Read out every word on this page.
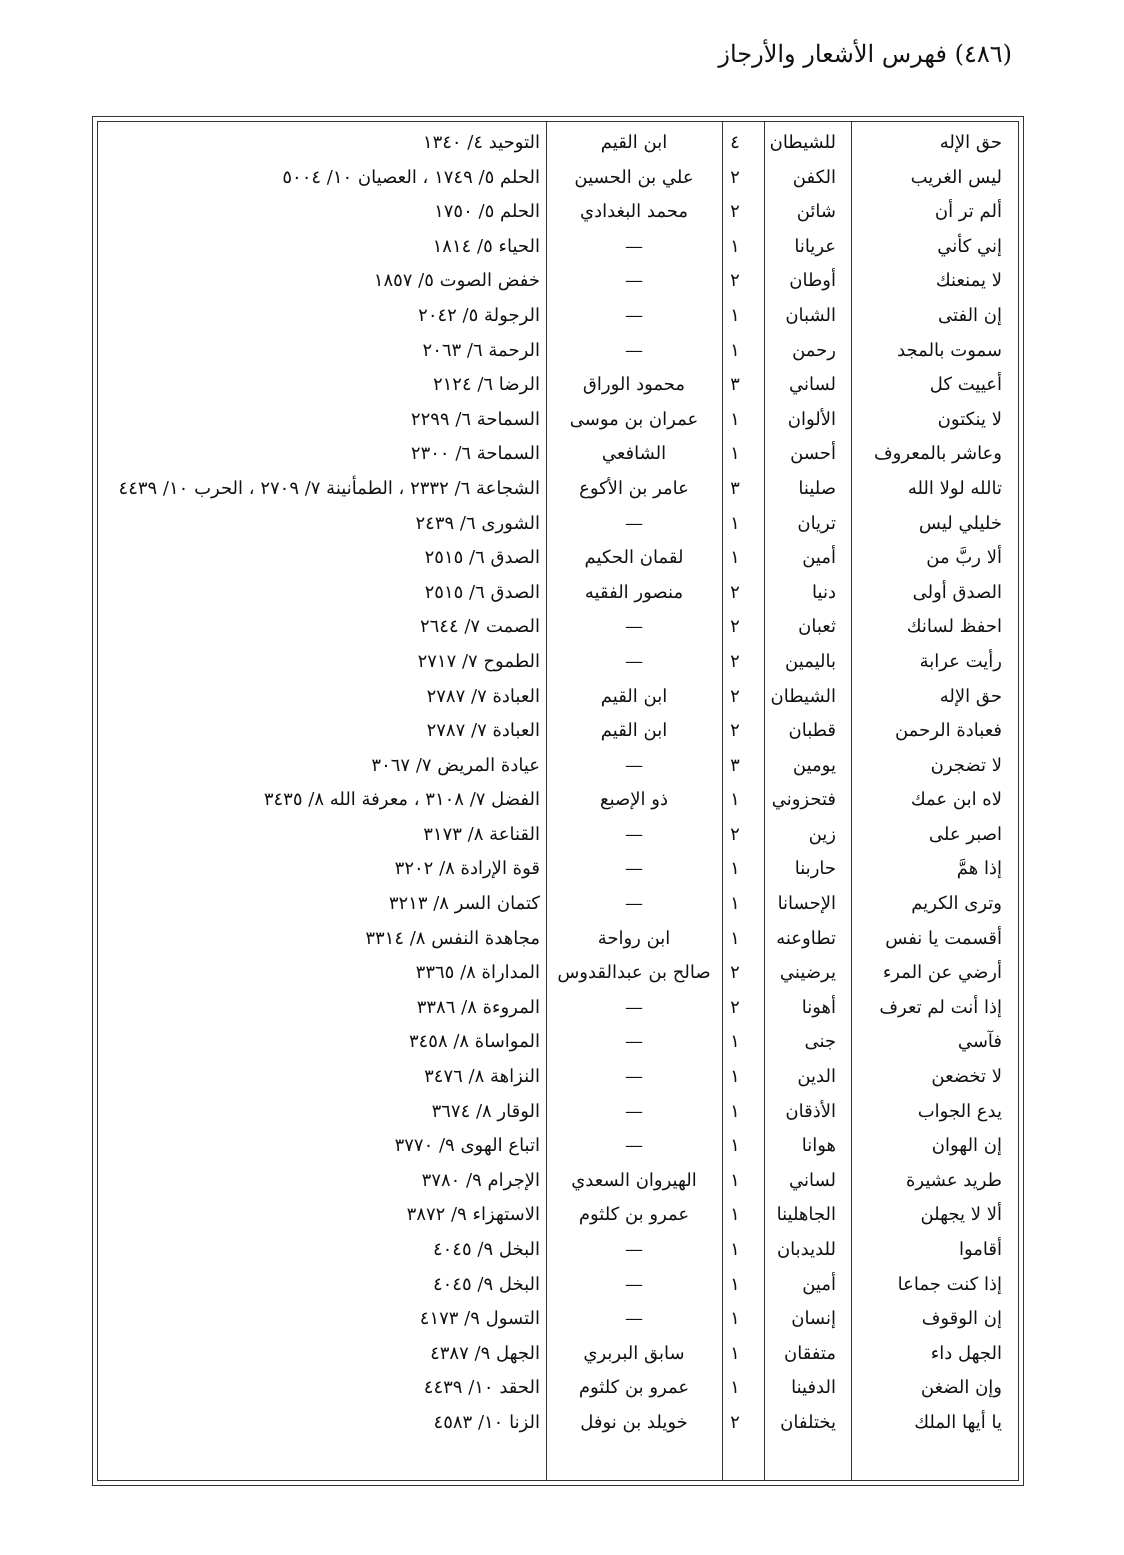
(٤٨٦) فهرس الأشعار والأرجاز
حق الإله
للشيطان
٤
ابن القيم
التوحيد ٤/ ١٣٤٠
ليس الغريب
الكفن
٢
علي بن الحسين
الحلم ٥/ ١٧٤٩ ، العصيان ١٠/ ٥٠٠٤
ألم تر أن
شائن
٢
محمد البغدادي
الحلم ٥/ ١٧٥٠
إني كأني
عريانا
١
—
الحياء ٥/ ١٨١٤
لا يمنعنك
أوطان
٢
—
خفض الصوت ٥/ ١٨٥٧
إن الفتى
الشبان
١
—
الرجولة ٥/ ٢٠٤٢
سموت بالمجد
رحمن
١
—
الرحمة ٦/ ٢٠٦٣
أعييت كل
لساني
٣
محمود الوراق
الرضا ٦/ ٢١٢٤
لا ينكتون
الألوان
١
عمران بن موسى
السماحة ٦/ ٢٢٩٩
وعاشر بالمعروف
أحسن
١
الشافعي
السماحة ٦/ ٢٣٠٠
تالله لولا الله
صلينا
٣
عامر بن الأكوع
الشجاعة ٦/ ٢٣٣٢ ، الطمأنينة ٧/ ٢٧٠٩ ، الحرب ١٠/ ٤٤٣٩
خليلي ليس
تريان
١
—
الشورى ٦/ ٢٤٣٩
ألا ربَّ من
أمين
١
لقمان الحكيم
الصدق ٦/ ٢٥١٥
الصدق أولى
دنيا
٢
منصور الفقيه
الصدق ٦/ ٢٥١٥
احفظ لسانك
ثعبان
٢
—
الصمت ٧/ ٢٦٤٤
رأيت عرابة
باليمين
٢
—
الطموح ٧/ ٢٧١٧
حق الإله
الشيطان
٢
ابن القيم
العبادة ٧/ ٢٧٨٧
فعبادة الرحمن
قطبان
٢
ابن القيم
العبادة ٧/ ٢٧٨٧
لا تضجرن
يومين
٣
—
عيادة المريض ٧/ ٣٠٦٧
لاه ابن عمك
فتحزوني
١
ذو الإصبع
الفضل ٧/ ٣١٠٨ ، معرفة الله ٨/ ٣٤٣٥
اصبر على
زين
٢
—
القناعة ٨/ ٣١٧٣
إذا همَّ
حاربنا
١
—
قوة الإرادة ٨/ ٣٢٠٢
وترى الكريم
الإحسانا
١
—
كتمان السر ٨/ ٣٢١٣
أقسمت يا نفس
تطاوعنه
١
ابن رواحة
مجاهدة النفس ٨/ ٣٣١٤
أرضي عن المرء
يرضيني
٢
صالح بن عبدالقدوس
المداراة ٨/ ٣٣٦٥
إذا أنت لم تعرف
أهونا
٢
—
المروءة ٨/ ٣٣٨٦
فآسي
جنى
١
—
المواساة ٨/ ٣٤٥٨
لا تخضعن
الدين
١
—
النزاهة ٨/ ٣٤٧٦
يدع الجواب
الأذقان
١
—
الوقار ٨/ ٣٦٧٤
إن الهوان
هوانا
١
—
اتباع الهوى ٩/ ٣٧٧٠
طريد عشيرة
لساني
١
الهيروان السعدي
الإجرام ٩/ ٣٧٨٠
ألا لا يجهلن
الجاهلينا
١
عمرو بن كلثوم
الاستهزاء ٩/ ٣٨٧٢
أقاموا
للديدبان
١
—
البخل ٩/ ٤٠٤٥
إذا كنت جماعا
أمين
١
—
البخل ٩/ ٤٠٤٥
إن الوقوف
إنسان
١
—
التسول ٩/ ٤١٧٣
الجهل داء
متفقان
١
سابق البربري
الجهل ٩/ ٤٣٨٧
وإن الضغن
الدفينا
١
عمرو بن كلثوم
الحقد ١٠/ ٤٤٣٩
يا أيها الملك
يختلفان
٢
خويلد بن نوفل
الزنا ١٠/ ٤٥٨٣
